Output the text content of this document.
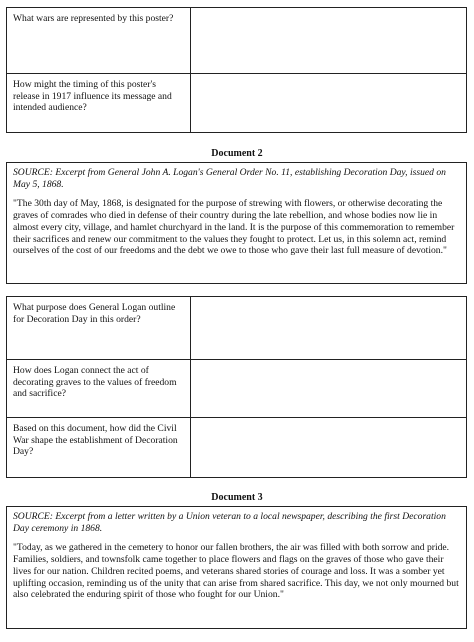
What wars are represented by this poster?
How might the timing of this poster's release in 1917 influence its message and intended audience?
Document 2

SOURCE: Excerpt from General John A. Logan's General Order No. 11, establishing Decoration Day, issued on May 5, 1868.

"The 30th day of May, 1868, is designated for the purpose of strewing with flowers, or otherwise decorating the graves of comrades who died in defense of their country during the late rebellion, and whose bodies now lie in almost every city, village, and hamlet churchyard in the land. It is the purpose of this commemoration to remember their sacrifices and renew our commitment to the values they fought to protect. Let us, in this solemn act, remind ourselves of the cost of our freedoms and the debt we owe to those who gave their last full measure of devotion."

What purpose does General Logan outline for Decoration Day in this order?
How does Logan connect the act of decorating graves to the values of freedom and sacrifice?
Based on this document, how did the Civil War shape the establishment of Decoration Day?
Document 3

SOURCE: Excerpt from a letter written by a Union veteran to a local newspaper, describing the first Decoration Day ceremony in 1868.

"Today, as we gathered in the cemetery to honor our fallen brothers, the air was filled with both sorrow and pride. Families, soldiers, and townsfolk came together to place flowers and flags on the graves of those who gave their lives for our nation. Children recited poems, and veterans shared stories of courage and loss. It was a somber yet uplifting occasion, reminding us of the unity that can arise from shared sacrifice. This day, we not only mourned but also celebrated the enduring spirit of those who fought for our Union."
